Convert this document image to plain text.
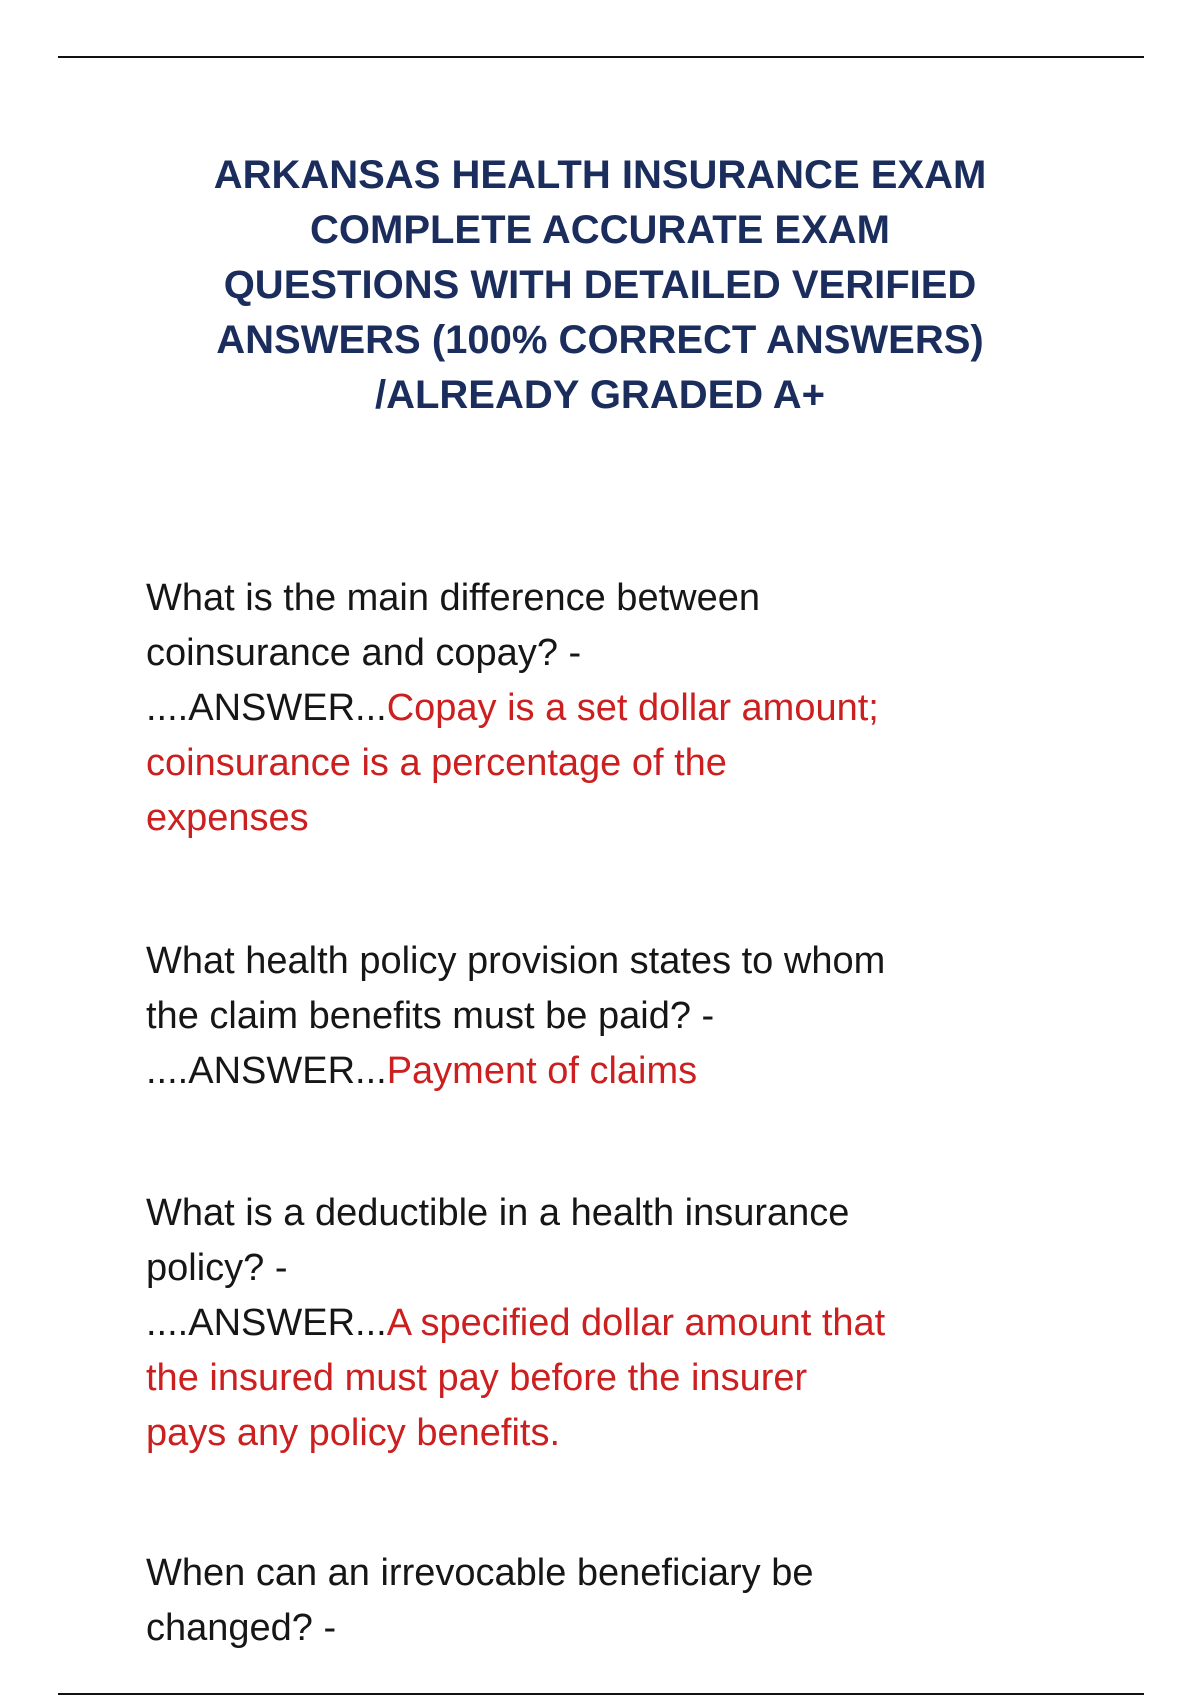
ARKANSAS HEALTH INSURANCE EXAM
COMPLETE ACCURATE EXAM
QUESTIONS WITH DETAILED VERIFIED
ANSWERS (100% CORRECT ANSWERS)
/ALREADY GRADED A+
What is the main difference between
coinsurance and copay? -
....ANSWER...Copay is a set dollar amount;
coinsurance is a percentage of the
expenses
What health policy provision states to whom
the claim benefits must be paid? -
....ANSWER...Payment of claims
What is a deductible in a health insurance
policy? -
....ANSWER...A specified dollar amount that
the insured must pay before the insurer
pays any policy benefits.
When can an irrevocable beneficiary be
changed? -
